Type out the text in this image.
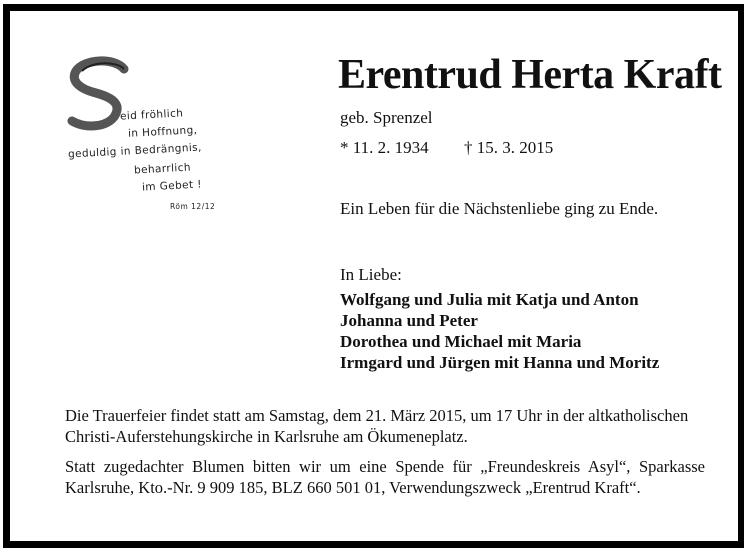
S eid fröhlich
in Hoffnung,
geduldig in Bedrängnis,
beharrlich
im Gebet !
Röm 12/12
Erentrud Herta Kraft
geb. Sprenzel
* 11. 2. 1934 † 15. 3. 2015
Ein Leben für die Nächstenliebe ging zu Ende.
In Liebe:
Wolfgang und Julia mit Katja und Anton
Johanna und Peter
Dorothea und Michael mit Maria
Irmgard und Jürgen mit Hanna und Moritz

Die Trauerfeier findet statt am Samstag, dem 21. März 2015, um 17 Uhr in der altkatholischen Christi-Auferstehungskirche in Karlsruhe am Ökumeneplatz.

Statt zugedachter Blumen bitten wir um eine Spende für „Freundeskreis Asyl“, Sparkasse Karlsruhe, Kto.-Nr. 9 909 185, BLZ 660 501 01, Verwendungszweck „Erentrud Kraft“.
